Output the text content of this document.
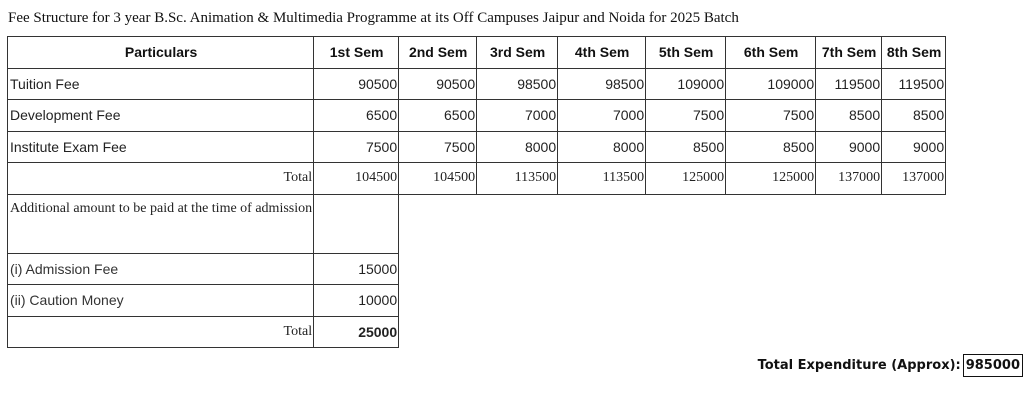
Fee Structure for 3 year B.Sc. Animation & Multimedia Programme at its Off Campuses Jaipur and Noida for 2025 Batch
Particulars	1st Sem	2nd Sem	3rd Sem	4th Sem	5th Sem	6th Sem	7th Sem	8th Sem
Tuition Fee	90500	90500	98500	98500	109000	109000	119500	119500
Development Fee	6500	6500	7000	7000	7500	7500	8500	8500
Institute Exam Fee	7500	7500	8000	8000	8500	8500	9000	9000
Total	104500	104500	113500	113500	125000	125000	137000	137000
Additional amount to be paid at the time of admission								
(i) Admission Fee	15000							
(ii) Caution Money	10000							
Total	25000							
Total Expenditure (Approx): 985000
